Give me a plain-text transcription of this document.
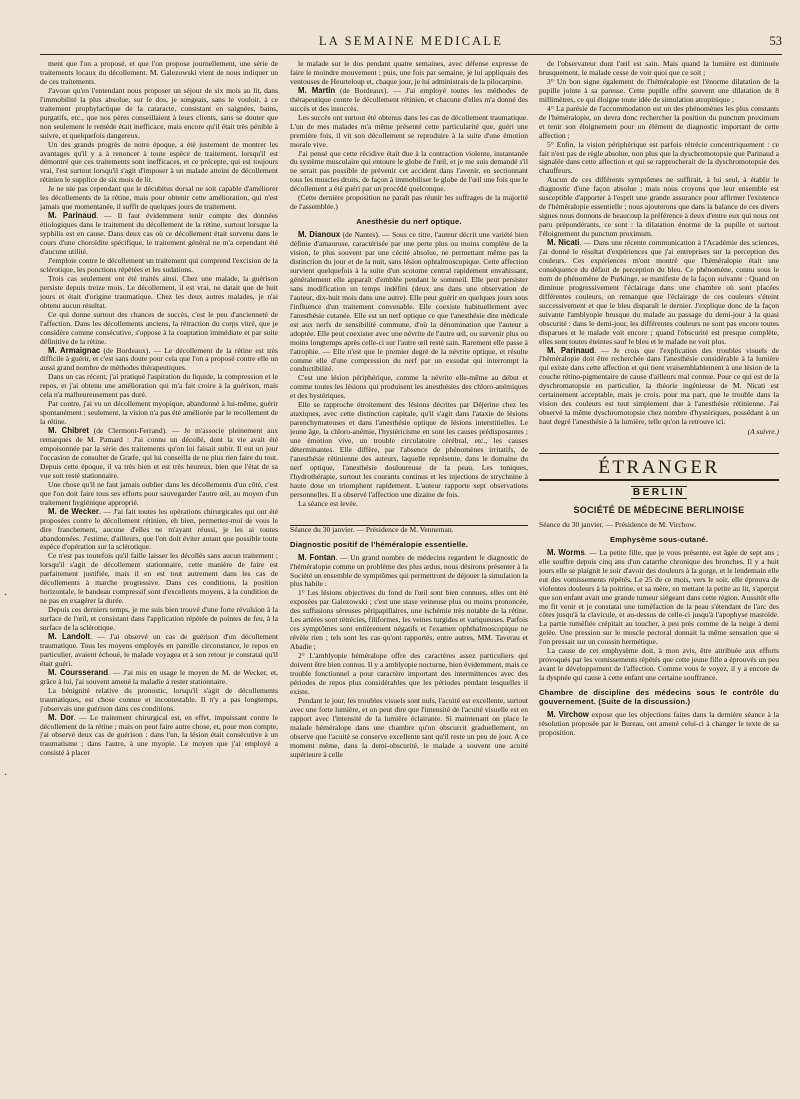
LA SEMAINE MEDICALE	53
·
·

ment que l'on a proposé, et que l'on propose journellement, une série de traitements locaux du décollement. M. Galezowski vient de nous indiquer un de ces traitements.

J'avoue qu'en l'entendant nous proposer un séjour de six mois au lit, dans l'immobilité la plus absolue, sur le dos, je songeais, sans le vouloir, à ce traitement prophylactique de la cataracte, consistant en saignées, bains, purgatifs, etc., que nos pères conseillaient à leurs clients, sans se douter que non seulement le remède était inefficace, mais encore qu'il était très pénible à suivre, et quelquefois dangereux.

Un des grands progrès de notre époque, a été justement de montrer les avantages qu'il y a à renoncer à toute espèce de traitement, lorsqu'il est démontré que ces traitements sont inefficaces, et ce précepte, qui est toujours vrai, l'est surtout lorsqu'il s'agit d'imposer à un malade atteint de décollement rétinien le supplice de six mois de lit.

Je ne nie pas cependant que le décubitus dorsal ne soit capable d'améliorer les décollements de la rétine, mais pour obtenir cette amélioration, qui n'est jamais que momentanée, il suffit de quelques jours de traitement.

M. Parinaud. — Il faut évidemment tenir compte des données étiologiques dans le traitement du décollement de la rétine, surtout lorsque la syphilis est en cause. Dans deux cas où ce décollement était survenu dans le cours d'une choroïdite spécifique, le traitement général ne m'a cependant été d'aucune utilité.

J'emploie contre le décollement un traitement qui comprend l'excision de la sclérotique, les ponctions répétées et les sudations.

Trois cas seulement ont été traités ainsi. Chez une malade, la guérison persiste depuis treize mois. Le décollement, il est vrai, ne datait que de huit jours et était d'origine traumatique. Chez les deux autres malades, je n'ai obtenu aucun résultat.

Ce qui donne surtout des chances de succès, c'est le peu d'ancienneté de l'affection. Dans les décollements anciens, la rétraction du corps vitré, que je considère comme consécutive, s'oppose à la coaptation immédiate et par suite définitive de la rétine.

M. Armaignac (de Bordeaux). — Le décollement de la rétine est très difficile à guérir, et c'est sans doute pour cela que l'on a proposé contre elle un aussi grand nombre de méthodes thérapeutiques.

Dans un cas récent, j'ai pratiqué l'aspiration du liquide, la compression et le repos, et j'ai obtenu une amélioration qui m'a fait croire à la guérison, mais cela n'a malheureusement pas duré.

Par contre, j'ai vu un décollement myopique, abandonné à lui-même, guérir spontanément ; seulement, la vision n'a pas été améliorée par le recollement de la rétine.

M. Chibret (de Clermont-Ferrand). — Je m'associe pleinement aux remarques de M. Pamard : J'ai connu un décollé, dont la vie avait été empoisonnée par la série des traitements qu'on lui faisait subir. Il eut un jour l'occasion de consulter de Græfe, qui lui conseilla de ne plus rien faire du tout. Depuis cette époque, il va très bien et est très heureux, bien que l'état de sa vue soit resté stationnaire.

Une chose qu'il ne faut jamais oublier dans les décollements d'un côté, c'est que l'on doit faire tous ses efforts pour sauvegarder l'autre œil, au moyen d'un traitement hygiénique approprié.

M. de Wecker. — J'ai fait toutes les opérations chirurgicales qui ont été proposées contre le décollement rétinien, eh bien, permettez-moi de vous le dire franchement, aucune d'elles ne m'ayant réussi, je les ai toutes abandonnées. J'estime, d'ailleurs, que l'on doit éviter autant que possible toute espèce d'opération sur la sclérotique.

Ce n'est pas toutefois qu'il faille laisser les décollés sans aucun traitement ; lorsqu'il s'agit de décollement stationnaire, cette manière de faire est parfaitement justifiée, mais il en est tout autrement dans les cas de décollements à marche progressive. Dans ces conditions, la position horizontale, le bandeau compressif sont d'excellents moyens, à la condition de ne pas en exagérer la durée.

Depuis ces derniers temps, je me suis bien trouvé d'une forte révulsion à la surface de l'œil, et consistant dans l'application répétée de pointes de feu, à la surface de la sclérotique.

M. Landolt. — J'ai observé un cas de guérison d'un décollement traumatique. Tous les moyens employés en pareille circonstance, le repos en particulier, avaient échoué, le malade voyagea et à son retour je constatai qu'il était guéri.

M. Coursserand. — J'ai mis en usage le moyen de M. de Wecker, et, grâce à lui, j'ai souvent amené la maladie à rester stationnaire.

La bénignité relative du pronostic, lorsqu'il s'agit de décollements traumatiques, est chose connue et incontestable. Il n'y a pas longtemps, j'observais une guérison dans ces conditions.

M. Dor. — Le traitement chirurgical est, en effet, impuissant contre le décollement de la rétine ; mais on peut faire autre chose, et, pour mon compte, j'ai observé deux cas de guérison : dans l'un, la lésion était consécutive à un traumatisme ; dans l'autre, à une myopie. Le moyen que j'ai employé a consisté à placer

le malade sur le dos pendant quatre semaines, avec défense expresse de faire le moindre mouvement ; puis, une fois par semaine, je lui appliquais des ventouses de Heurteloup et, chaque jour, je lui administrais de la pilocarpine.

M. Martin (de Bordeaux). — J'ai employé toutes les méthodes de thérapeutique contre le décollement rétinien, et chacune d'elles m'a donné des succès et des insuccès.

Les succès ont surtout été obtenus dans les cas de décollement traumatique. L'un de mes malades m'a même présenté cette particularité que, guéri une première fois, il vit son décollement se reproduire à la suite d'une émotion morale vive.

J'ai pensé que cette récidive était due à la contraction violente, instantanée du système musculaire qui entoure le globe de l'œil, et je me suis demandé s'il ne serait pas possible de prévenir cet accident dans l'avenir, en sectionnant tous les muscles droits, de façon à immobiliser le globe de l'œil une fois que le décollement a été guéri par un procédé quelconque.

(Cette dernière proposition ne paraît pas réunir les suffrages de la majorité de l'assemblée.)

Anesthésie du nerf optique.

M. Dianoux (de Nantes). — Sous ce titre, l'auteur décrit une variété bien définie d'amaurose, caractérisée par une perte plus ou moins complète de la vision, le plus souvent par une cécité absolue, ne permettant même pas la distinction du jour et de la nuit, sans lésion ophtalmoscopique. Cette affection survient quelquefois à la suite d'un scotome central rapidement envahissant, généralement elle apparaît d'emblée pendant le sommeil. Elle peut persister sans modification un temps indéfini (deux ans dans une observation de l'auteur, dix-huit mois dans une autre). Elle peut guérir en quelques jours sous l'influence d'un traitement convenable. Elle coexiste habituellement avec l'anesthésie cutanée. Elle est un nerf optique ce que l'anesthésie dite médicale est aux nerfs de sensibilité commune, d'où la dénomination que l'auteur a adoptée. Elle peut coexister avec une névrite de l'autre œil, ou survenir plus ou moins longtemps après celle-ci sur l'autre œil resté sain. Rarement elle passe à l'atrophie. — Elle n'est que le premier degré de la névrite optique, et résulte comme elle d'une compression du nerf par un exsudat qui interrompt la conductibilité.

C'est une lésion périphérique, comme la névrite elle-même au début et comme toutes les lésions qui produisent les anesthésies des chloro-anémiques et des hystériques.

Elle se rapproche étroitement des lésions décrites par Déjerine chez les ataxiques, avec cette distinction capitale, qu'il s'agit dans l'ataxie de lésions parenchymateuses et dans l'anesthésie optique de lésions interstitielles. Le jeune âge, la chloro-anémie, l'hystéricisme en sont les causes prédisposantes ; une émotion vive, un trouble circulatoire cérébral, etc., les causes déterminantes. Elle diffère, par l'absence de phénomènes irritatifs, de l'anesthésie rétinienne des auteurs, laquelle représente, dans le domaine du nerf optique, l'anesthésie douloureuse de la peau. Les toniques, l'hydrothérapie, surtout les courants continus et les injections de strychnine à haute dose en triomphent rapidement. L'auteur rapporte sept observations personnelles. Il a observé l'affection une dizaine de fois.

La séance est levée.

Séance du 30 janvier. — Présidence de M. Venneman.

Diagnostic positif de l'héméralopie essentielle.

M. Fontan. — Un grand nombre de médecins regardent le diagnostic de l'héméralopie comme un problème des plus ardus, nous désirons présenter à la Société un ensemble de symptômes qui permettront de déjouer la simulation la plus habile :

1° Les lésions objectives du fond de l'œil sont bien connues, elles ont été exposées par Galezowski ; c'est une stase veineuse plus ou moins prononcée, des suffusions séreuses péripapillaires, une ischémie très notable de la rétine. Les artères sont rétrécies, filiformes, les veines turgides et variqueuses. Parfois ces symptômes sont entièrement négatifs et l'examen ophthalmoscopique ne révèle rien ; tels sont les cas qu'ont rapportés, entre autres, MM. Taverau et Abadie ;

2° L'amblyopie héméralope offre des caractères assez particuliers qui doivent être bien connus. Il y a amblyopie nocturne, bien évidemment, mais ce trouble fonctionnel a pour caractère important des intermittences avec des périodes de repos plus considérables que les périodes pendant lesquelles il existe.

Pendant le jour, les troubles visuels sont nuls, l'acuité est excellente, surtout avec une forte lumière, et on peut dire que l'intensité de l'acuité visuelle est en rapport avec l'intensité de la lumière éclairante. Si maintenant on place le malade héméralope dans une chambre qu'on obscurcit graduellement, on observe que l'acuité se conserve excellente tant qu'il reste un peu de jour. A ce moment même, dans la demi-obscurité, le malade a souvent une acuité supérieure à celle

de l'observateur dont l'œil est sain. Mais quand la lumière est diminuée brusquement, le malade cesse de voir quoi que ce soit ;

3° Un bon signe également de l'héméralopie est l'énorme dilatation de la pupille jointe à sa paresse. Cette pupille offre souvent une dilatation de 8 millimètres, ce qui éloigne toute idée de simulation atropinique ;

4° La parésie de l'accommodation est un des phénomènes les plus constants de l'héméralopie, on devra donc rechercher la position du punctum proximum et tenir son éloignement pour un élément de diagnostic important de cette affection ;

5° Enfin, la vision périphérique est parfois rétrécie concentriquement : ce fait n'est pas de règle absolue, non plus que la dyschromotopsie que Parinaud a signalée dans cette affection et qui se rapprocherait de la dyschromotopsie des chauffeurs.

Aucun de ces différents symptômes ne suffirait, à lui seul, à établir le diagnostic d'une façon absolue ; mais nous croyons que leur ensemble est susceptible d'apporter à l'esprit une grande assurance pour affirmer l'existence de l'héméralopie essentielle ; nous ajouterons que dans la balance de ces divers signes nous donnons de beaucoup la préférence à deux d'entre eux qui nous ont paru prépondérants, ce sont : la dilatation énorme de la pupille et surtout l'éloignement du punctum proximum.

M. Nicati. — Dans une récente communication à l'Académie des sciences, j'ai donné le résultat d'expériences que j'ai entreprises sur la perception des couleurs. Ces expériences m'ont montré que l'héméralopie était une conséquence du défaut de perception du bleu. Ce phénomène, connu sous le nom de phénomène de Purkinge, se manifeste de la façon suivante : Quand on diminue progressivement l'éclairage dans une chambre où sont placées différentes couleurs, on remarque que l'éclairage de ces couleurs s'éteint successivement et que le bleu disparaît le dernier. J'explique donc de la façon suivante l'amblyopie brusque du malade au passage du demi-jour à la quasi obscurité : dans le demi-jour, les différentes couleurs ne sont pas encore toutes disparues et le malade voit encore ; quand l'obscurité est presque complète, elles sont toutes éteintes sauf le bleu et le malade ne voit plus.

M. Parinaud. — Je crois que l'explication des troubles visuels de l'héméralopie doit être recherchée dans l'anesthésie considérable à la lumière qui existe dans cette affection et qui tient vraisemblablement à une lésion de la couche rétino-pigmentaire de cause d'ailleurs mal connue. Pour ce qui est de la dyschromatopsie en particulier, la théorie ingénieuse de M. Nicati est certainement acceptable, mais je crois, pour ma part, que le trouble dans la vision des couleurs est tout simplement due à l'anesthésie rétinienne. J'ai observé la même dyschromotopsie chez nombre d'hystériques, possédant à un haut degré l'anesthésie à la lumière, telle qu'on la retrouve ici.

(A suivre.)
ÉTRANGER
BERLIN
SOCIÉTÉ DE MÉDECINE BERLINOISE

Séance du 30 janvier. — Présidence de M. Virchow.

Emphysème sous-cutané.

M. Worms. — La petite fille, que je vous présente, est âgée de sept ans ; elle souffre depuis cinq ans d'un catarrhe chronique des bronches. Il y a huit jours elle se plaignit le soir d'avoir des douleurs à la gorge, et le lendemain elle eut des vomissements répétés. Le 25 de ce mois, vers le soir, elle éprouva de violentes douleurs à la poitrine, et sa mère, en mettant la petite au lit, s'aperçut que son enfant avait une grande tumeur siégeant dans cette région. Aussitôt elle me fit venir et je constatai une tuméfaction de la peau s'étendant de l'arc des côtes jusqu'à la clavicule, et au-dessus de celle-ci jusqu'à l'apophyse mastoïde. La partie tuméfiée crépitait au toucher, à peu près comme de la neige à demi gelée. Une pression sur le muscle pectoral donnait la même sensation que si l'on pressait sur un coussin hermétique.

La cause de cet emphysème doit, à mon avis, être attribuée aux efforts provoqués par les vomissements répétés que cette jeune fille a éprouvés un peu avant le développement de l'affection. Comme vous le voyez, il y a encore de la dyspnée qui cause à cette enfant une certaine souffrance.

Chambre de discipline des médecins sous le contrôle du gouvernement. (Suite de la discussion.)

M. Virchow expose que les objections faites dans la dernière séance à la résolution proposée par le Bureau, ont amené celui-ci à changer le texte de sa proposition.
